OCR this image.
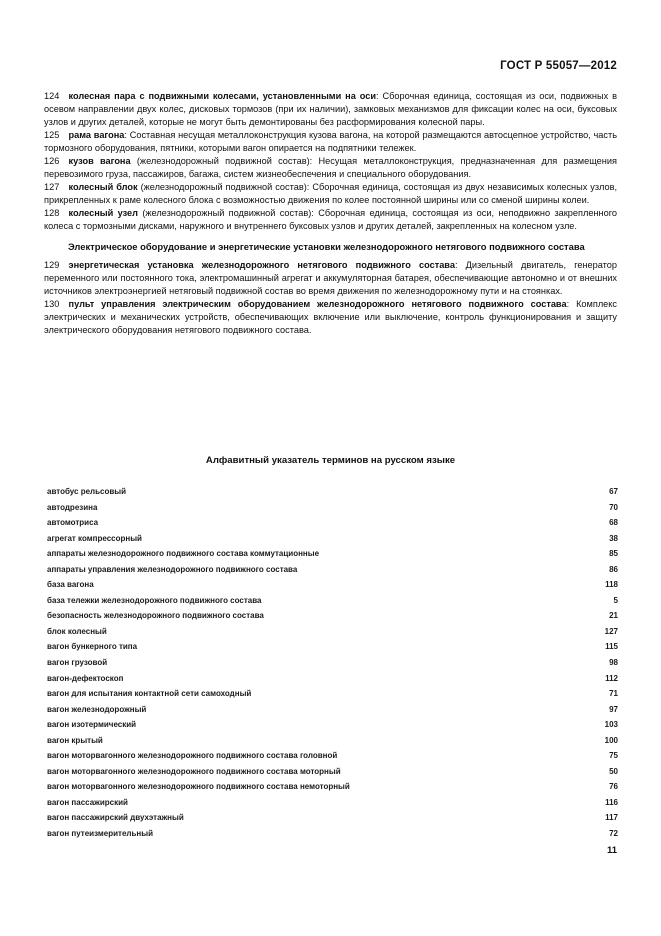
ГОСТ Р 55057—2012

124   колесная пара с подвижными колесами, установленными на оси: Сборочная единица, состоящая из оси, подвижных в осевом направлении двух колес, дисковых тормозов (при их наличии), замковых механизмов для фиксации колес на оси, буксовых узлов и других деталей, которые не могут быть демонтированы без расформирования колесной пары.

125   рама вагона: Составная несущая металлоконструкция кузова вагона, на которой размещаются автосцепное устройство, часть тормозного оборудования, пятники, которыми вагон опирается на подпятники тележек.

126   кузов вагона (железнодорожный подвижной состав): Несущая металлоконструкция, предназначенная для размещения перевозимого груза, пассажиров, багажа, систем жизнеобеспечения и специального оборудования.

127   колесный блок (железнодорожный подвижной состав): Сборочная единица, состоящая из двух независимых колесных узлов, прикрепленных к раме колесного блока с возможностью движения по колее постоянной ширины или со сменой ширины колеи.

128   колесный узел (железнодорожный подвижной состав): Сборочная единица, состоящая из оси, неподвижно закрепленного колеса с тормозными дисками, наружного и внутреннего буксовых узлов и других деталей, закрепленных на колесном узле.

Электрическое оборудование и энергетические установки железнодорожного нетягового подвижного состава

129   энергетическая установка железнодорожного нетягового подвижного состава: Дизельный двигатель, генератор переменного или постоянного тока, электромашинный агрегат и аккумуляторная батарея, обеспечивающие автономно и от внешних источников электроэнергией нетяговый подвижной состав во время движения по железнодорожному пути и на стоянках.

130   пульт управления электрическим оборудованием железнодорожного нетягового подвижного состава: Комплекс электрических и механических устройств, обеспечивающих включение или выключение, контроль функционирования и защиту электрического оборудования нетягового подвижного состава.

Алфавитный указатель терминов на русском языке
автобус рельсовый	67
автодрезина	70
автомотриса	68
агрегат компрессорный	38
аппараты железнодорожного подвижного состава коммутационные	85
аппараты управления железнодорожного подвижного состава	86
база вагона	118
база тележки железнодорожного подвижного состава	5
безопасность железнодорожного подвижного состава	21
блок колесный	127
вагон бункерного типа	115
вагон грузовой	98
вагон-дефектоскоп	112
вагон для испытания контактной сети самоходный	71
вагон железнодорожный	97
вагон изотермический	103
вагон крытый	100
вагон моторвагонного железнодорожного подвижного состава головной	75
вагон моторвагонного железнодорожного подвижного состава моторный	50
вагон моторвагонного железнодорожного подвижного состава немоторный	76
вагон пассажирский	116
вагон пассажирский двухэтажный	117
вагон путеизмерительный	72
11
